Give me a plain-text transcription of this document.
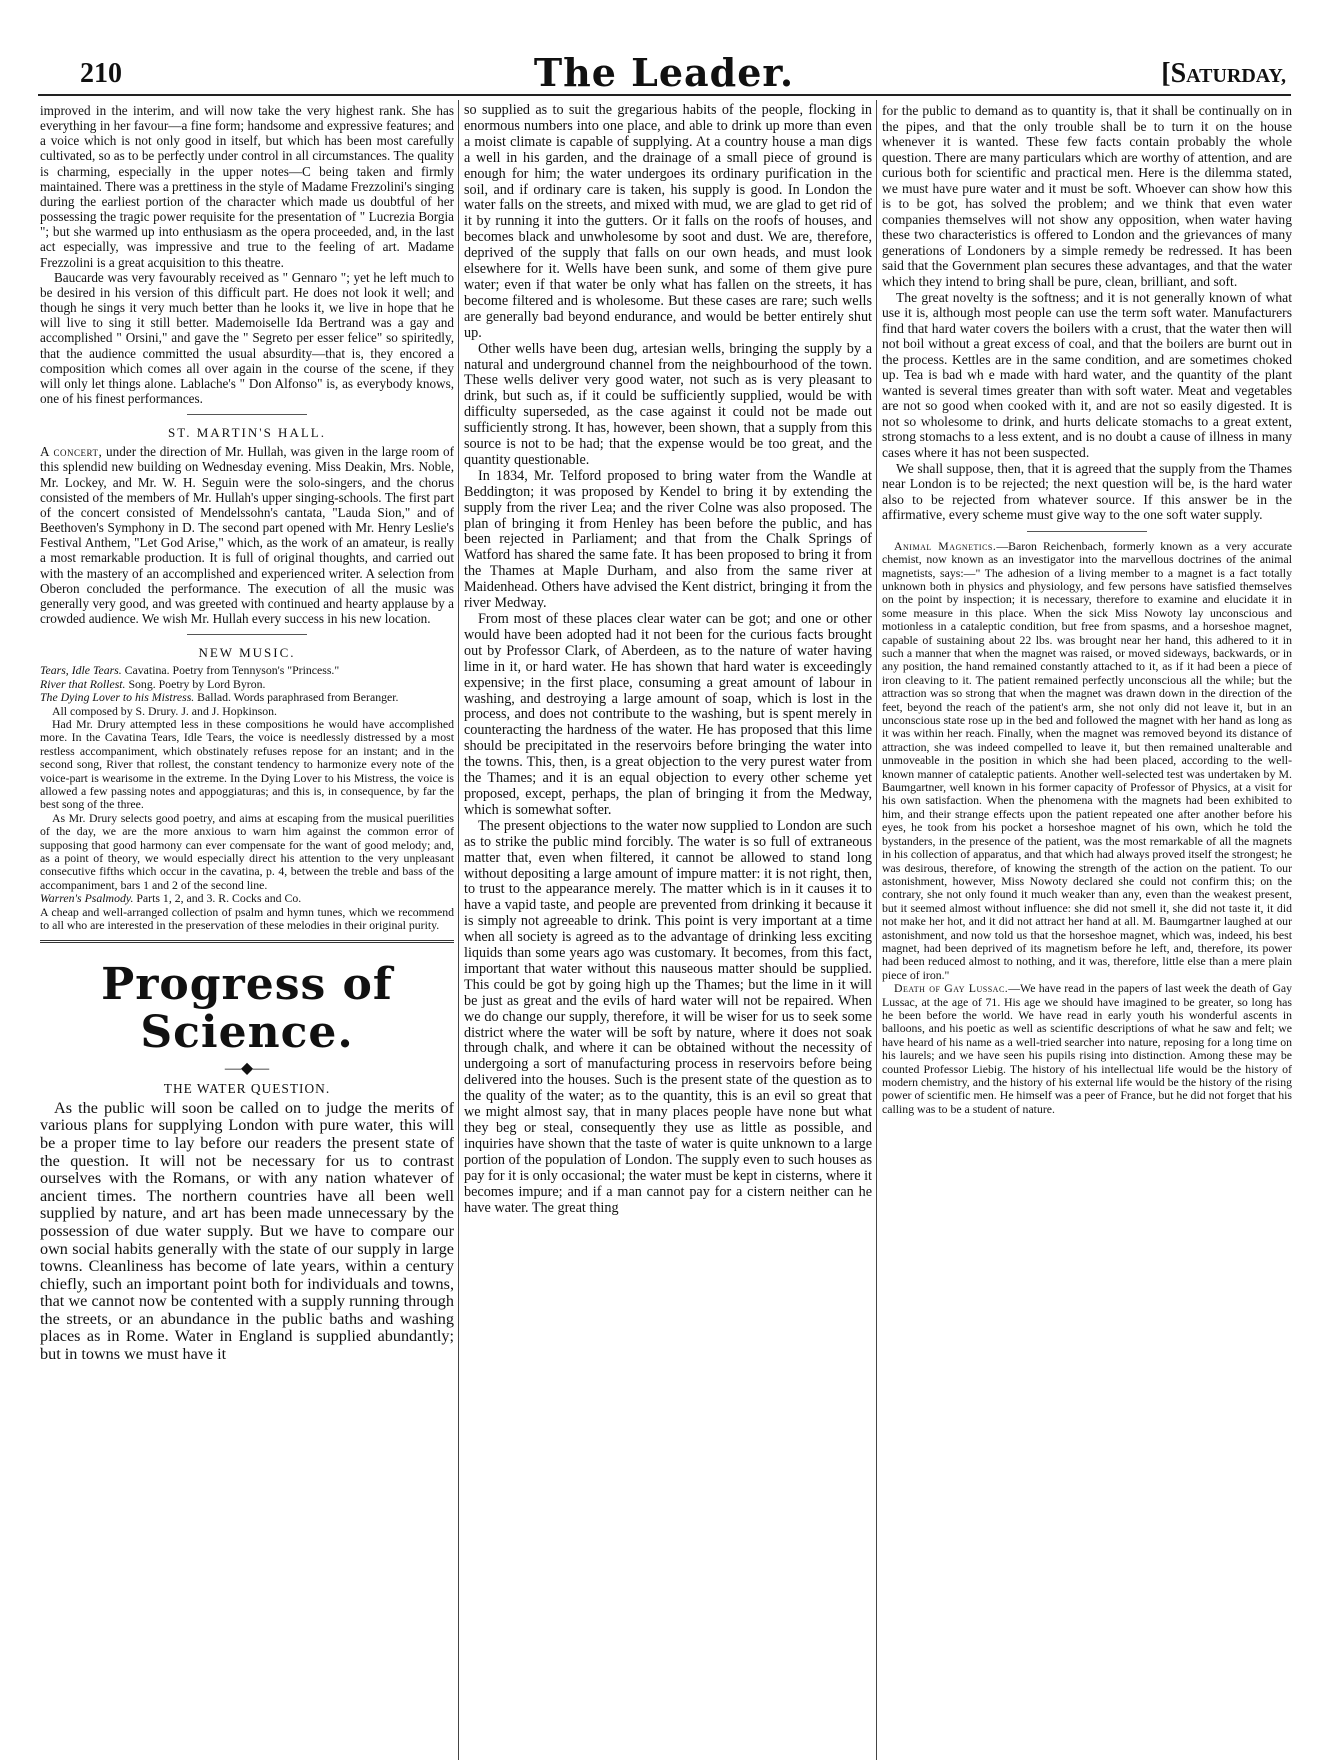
210	The Leader.	[SATURDAY,

improved in the interim, and will now take the very highest rank. She has everything in her favour—a fine form; handsome and expressive features; and a voice which is not only good in itself, but which has been most carefully cultivated, so as to be perfectly under control in all circumstances. The quality is charming, especially in the upper notes—C being taken and firmly maintained. There was a prettiness in the style of Madame Frezzolini's singing during the earliest portion of the character which made us doubtful of her possessing the tragic power requisite for the presentation of " Lucrezia Borgia "; but she warmed up into enthusiasm as the opera proceeded, and, in the last act especially, was impressive and true to the feeling of art. Madame Frezzolini is a great acquisition to this theatre.

Baucarde was very favourably received as " Gennaro "; yet he left much to be desired in his version of this difficult part. He does not look it well; and though he sings it very much better than he looks it, we live in hope that he will live to sing it still better. Mademoiselle Ida Bertrand was a gay and accomplished " Orsini," and gave the " Segreto per esser felice" so spiritedly, that the audience committed the usual absurdity—that is, they encored a composition which comes all over again in the course of the scene, if they will only let things alone. Lablache's " Don Alfonso" is, as everybody knows, one of his finest performances.

ST. MARTIN'S HALL.

A concert, under the direction of Mr. Hullah, was given in the large room of this splendid new building on Wednesday evening. Miss Deakin, Mrs. Noble, Mr. Lockey, and Mr. W. H. Seguin were the solo-singers, and the chorus consisted of the members of Mr. Hullah's upper singing-schools. The first part of the concert consisted of Mendelssohn's cantata, "Lauda Sion," and of Beethoven's Symphony in D. The second part opened with Mr. Henry Leslie's Festival Anthem, "Let God Arise," which, as the work of an amateur, is really a most remarkable production. It is full of original thoughts, and carried out with the mastery of an accomplished and experienced writer. A selection from Oberon concluded the performance. The execution of all the music was generally very good, and was greeted with continued and hearty applause by a crowded audience. We wish Mr. Hullah every success in his new location.

NEW MUSIC.

Tears, Idle Tears. Cavatina. Poetry from Tennyson's "Princess."

River that Rollest. Song. Poetry by Lord Byron.

The Dying Lover to his Mistress. Ballad. Words paraphrased from Beranger.

All composed by S. Drury. J. and J. Hopkinson.

Had Mr. Drury attempted less in these compositions he would have accomplished more. In the Cavatina Tears, Idle Tears, the voice is needlessly distressed by a most restless accompaniment, which obstinately refuses repose for an instant; and in the second song, River that rollest, the constant tendency to harmonize every note of the voice-part is wearisome in the extreme. In the Dying Lover to his Mistress, the voice is allowed a few passing notes and appoggiaturas; and this is, in consequence, by far the best song of the three.

As Mr. Drury selects good poetry, and aims at escaping from the musical puerilities of the day, we are the more anxious to warn him against the common error of supposing that good harmony can ever compensate for the want of good melody; and, as a point of theory, we would especially direct his attention to the very unpleasant consecutive fifths which occur in the cavatina, p. 4, between the treble and bass of the accompaniment, bars 1 and 2 of the second line.

Warren's Psalmody. Parts 1, 2, and 3. R. Cocks and Co.

A cheap and well-arranged collection of psalm and hymn tunes, which we recommend to all who are interested in the preservation of these melodies in their original purity.

Progress of Science.
—◆—
THE WATER QUESTION.

As the public will soon be called on to judge the merits of various plans for supplying London with pure water, this will be a proper time to lay before our readers the present state of the question. It will not be necessary for us to contrast ourselves with the Romans, or with any nation whatever of ancient times. The northern countries have all been well supplied by nature, and art has been made unnecessary by the possession of due water supply. But we have to compare our own social habits generally with the state of our supply in large towns. Cleanliness has become of late years, within a century chiefly, such an important point both for individuals and towns, that we cannot now be contented with a supply running through the streets, or an abundance in the public baths and washing places as in Rome. Water in England is supplied abundantly; but in towns we must have it

so supplied as to suit the gregarious habits of the people, flocking in enormous numbers into one place, and able to drink up more than even a moist climate is capable of supplying. At a country house a man digs a well in his garden, and the drainage of a small piece of ground is enough for him; the water undergoes its ordinary purification in the soil, and if ordinary care is taken, his supply is good. In London the water falls on the streets, and mixed with mud, we are glad to get rid of it by running it into the gutters. Or it falls on the roofs of houses, and becomes black and unwholesome by soot and dust. We are, therefore, deprived of the supply that falls on our own heads, and must look elsewhere for it. Wells have been sunk, and some of them give pure water; even if that water be only what has fallen on the streets, it has become filtered and is wholesome. But these cases are rare; such wells are generally bad beyond endurance, and would be better entirely shut up.

Other wells have been dug, artesian wells, bringing the supply by a natural and underground channel from the neighbourhood of the town. These wells deliver very good water, not such as is very pleasant to drink, but such as, if it could be sufficiently supplied, would be with difficulty superseded, as the case against it could not be made out sufficiently strong. It has, however, been shown, that a supply from this source is not to be had; that the expense would be too great, and the quantity questionable.

In 1834, Mr. Telford proposed to bring water from the Wandle at Beddington; it was proposed by Kendel to bring it by extending the supply from the river Lea; and the river Colne was also proposed. The plan of bringing it from Henley has been before the public, and has been rejected in Parliament; and that from the Chalk Springs of Watford has shared the same fate. It has been proposed to bring it from the Thames at Maple Durham, and also from the same river at Maidenhead. Others have advised the Kent district, bringing it from the river Medway.

From most of these places clear water can be got; and one or other would have been adopted had it not been for the curious facts brought out by Professor Clark, of Aberdeen, as to the nature of water having lime in it, or hard water. He has shown that hard water is exceedingly expensive; in the first place, consuming a great amount of labour in washing, and destroying a large amount of soap, which is lost in the process, and does not contribute to the washing, but is spent merely in counteracting the hardness of the water. He has proposed that this lime should be precipitated in the reservoirs before bringing the water into the towns. This, then, is a great objection to the very purest water from the Thames; and it is an equal objection to every other scheme yet proposed, except, perhaps, the plan of bringing it from the Medway, which is somewhat softer.

The present objections to the water now supplied to London are such as to strike the public mind forcibly. The water is so full of extraneous matter that, even when filtered, it cannot be allowed to stand long without depositing a large amount of impure matter: it is not right, then, to trust to the appearance merely. The matter which is in it causes it to have a vapid taste, and people are prevented from drinking it because it is simply not agreeable to drink. This point is very important at a time when all society is agreed as to the advantage of drinking less exciting liquids than some years ago was customary. It becomes, from this fact, important that water without this nauseous matter should be supplied. This could be got by going high up the Thames; but the lime in it will be just as great and the evils of hard water will not be repaired. When we do change our supply, therefore, it will be wiser for us to seek some district where the water will be soft by nature, where it does not soak through chalk, and where it can be obtained without the necessity of undergoing a sort of manufacturing process in reservoirs before being delivered into the houses. Such is the present state of the question as to the quality of the water; as to the quantity, this is an evil so great that we might almost say, that in many places people have none but what they beg or steal, consequently they use as little as possible, and inquiries have shown that the taste of water is quite unknown to a large portion of the population of London. The supply even to such houses as pay for it is only occasional; the water must be kept in cisterns, where it becomes impure; and if a man cannot pay for a cistern neither can he have water. The great thing

for the public to demand as to quantity is, that it shall be continually on in the pipes, and that the only trouble shall be to turn it on the house whenever it is wanted. These few facts contain probably the whole question. There are many particulars which are worthy of attention, and are curious both for scientific and practical men. Here is the dilemma stated, we must have pure water and it must be soft. Whoever can show how this is to be got, has solved the problem; and we think that even water companies themselves will not show any opposition, when water having these two characteristics is offered to London and the grievances of many generations of Londoners by a simple remedy be redressed. It has been said that the Government plan secures these advantages, and that the water which they intend to bring shall be pure, clean, brilliant, and soft.

The great novelty is the softness; and it is not generally known of what use it is, although most people can use the term soft water. Manufacturers find that hard water covers the boilers with a crust, that the water then will not boil without a great excess of coal, and that the boilers are burnt out in the process. Kettles are in the same condition, and are sometimes choked up. Tea is bad wh e made with hard water, and the quantity of the plant wanted is several times greater than with soft water. Meat and vegetables are not so good when cooked with it, and are not so easily digested. It is not so wholesome to drink, and hurts delicate stomachs to a great extent, strong stomachs to a less extent, and is no doubt a cause of illness in many cases where it has not been suspected.

We shall suppose, then, that it is agreed that the supply from the Thames near London is to be rejected; the next question will be, is the hard water also to be rejected from whatever source. If this answer be in the affirmative, every scheme must give way to the one soft water supply.

Animal Magnetics.—Baron Reichenbach, formerly known as a very accurate chemist, now known as an investigator into the marvellous doctrines of the animal magnetists, says:—" The adhesion of a living member to a magnet is a fact totally unknown both in physics and physiology, and few persons have satisfied themselves on the point by inspection; it is necessary, therefore to examine and elucidate it in some measure in this place. When the sick Miss Nowoty lay unconscious and motionless in a cataleptic condition, but free from spasms, and a horseshoe magnet, capable of sustaining about 22 lbs. was brought near her hand, this adhered to it in such a manner that when the magnet was raised, or moved sideways, backwards, or in any position, the hand remained constantly attached to it, as if it had been a piece of iron cleaving to it. The patient remained perfectly unconscious all the while; but the attraction was so strong that when the magnet was drawn down in the direction of the feet, beyond the reach of the patient's arm, she not only did not leave it, but in an unconscious state rose up in the bed and followed the magnet with her hand as long as it was within her reach. Finally, when the magnet was removed beyond its distance of attraction, she was indeed compelled to leave it, but then remained unalterable and unmoveable in the position in which she had been placed, according to the well-known manner of cataleptic patients. Another well-selected test was undertaken by M. Baumgartner, well known in his former capacity of Professor of Physics, at a visit for his own satisfaction. When the phenomena with the magnets had been exhibited to him, and their strange effects upon the patient repeated one after another before his eyes, he took from his pocket a horseshoe magnet of his own, which he told the bystanders, in the presence of the patient, was the most remarkable of all the magnets in his collection of apparatus, and that which had always proved itself the strongest; he was desirous, therefore, of knowing the strength of the action on the patient. To our astonishment, however, Miss Nowoty declared she could not confirm this; on the contrary, she not only found it much weaker than any, even than the weakest present, but it seemed almost without influence: she did not smell it, she did not taste it, it did not make her hot, and it did not attract her hand at all. M. Baumgartner laughed at our astonishment, and now told us that the horseshoe magnet, which was, indeed, his best magnet, had been deprived of its magnetism before he left, and, therefore, its power had been reduced almost to nothing, and it was, therefore, little else than a mere plain piece of iron."

Death of Gay Lussac.—We have read in the papers of last week the death of Gay Lussac, at the age of 71. His age we should have imagined to be greater, so long has he been before the world. We have read in early youth his wonderful ascents in balloons, and his poetic as well as scientific descriptions of what he saw and felt; we have heard of his name as a well-tried searcher into nature, reposing for a long time on his laurels; and we have seen his pupils rising into distinction. Among these may be counted Professor Liebig. The history of his intellectual life would be the history of modern chemistry, and the history of his external life would be the history of the rising power of scientific men. He himself was a peer of France, but he did not forget that his calling was to be a student of nature.
